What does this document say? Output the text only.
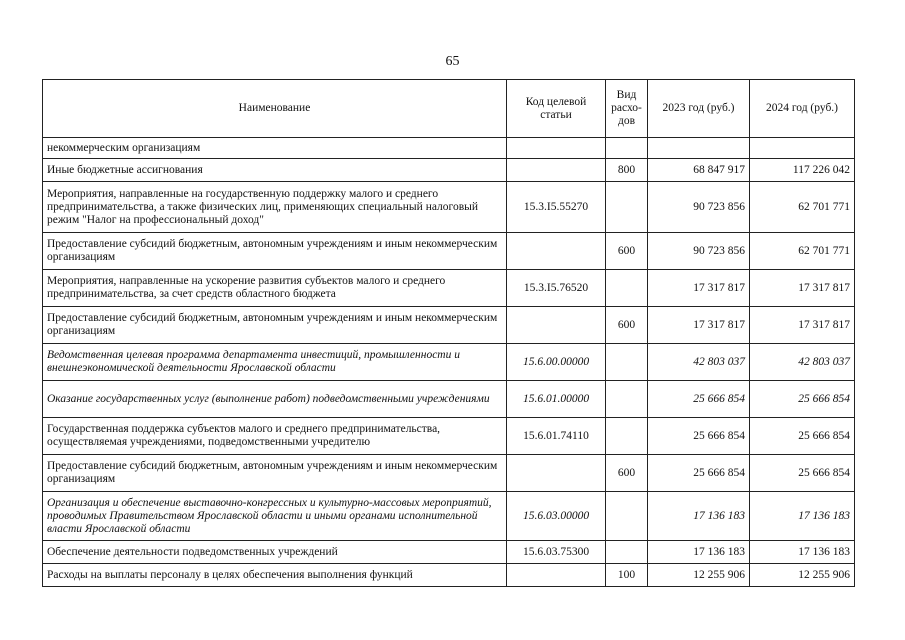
65
Наименование	Код целевой статьи	Вид расхо-дов	2023 год (руб.)	2024 год (руб.)
некоммерческим организациям				
Иные бюджетные ассигнования		800	68 847 917	117 226 042
Мероприятия, направленные на государственную поддержку малого и среднего предпринимательства, а также физических лиц, применяющих специальный налоговый режим "Налог на профессиональный доход"	15.3.I5.55270		90 723 856	62 701 771
Предоставление субсидий бюджетным, автономным учреждениям и иным некоммерческим организациям		600	90 723 856	62 701 771
Мероприятия, направленные на ускорение развития субъектов малого и среднего предпринимательства, за счет средств областного бюджета	15.3.I5.76520		17 317 817	17 317 817
Предоставление субсидий бюджетным, автономным учреждениям и иным некоммерческим организациям		600	17 317 817	17 317 817
Ведомственная целевая программа департамента инвестиций, промышленности и внешнеэкономической деятельности Ярославской области	15.6.00.00000		42 803 037	42 803 037
Оказание государственных услуг (выполнение работ) подведомственными учреждениями	15.6.01.00000		25 666 854	25 666 854
Государственная поддержка субъектов малого и среднего предпринимательства, осуществляемая учреждениями, подведомственными учредителю	15.6.01.74110		25 666 854	25 666 854
Предоставление субсидий бюджетным, автономным учреждениям и иным некоммерческим организациям		600	25 666 854	25 666 854
Организация и обеспечение выставочно-конгрессных и культурно-массовых мероприятий, проводимых Правительством Ярославской области и иными органами исполнительной власти Ярославской области	15.6.03.00000		17 136 183	17 136 183
Обеспечение деятельности подведомственных учреждений	15.6.03.75300		17 136 183	17 136 183
Расходы на выплаты персоналу в целях обеспечения выполнения функций		100	12 255 906	12 255 906
